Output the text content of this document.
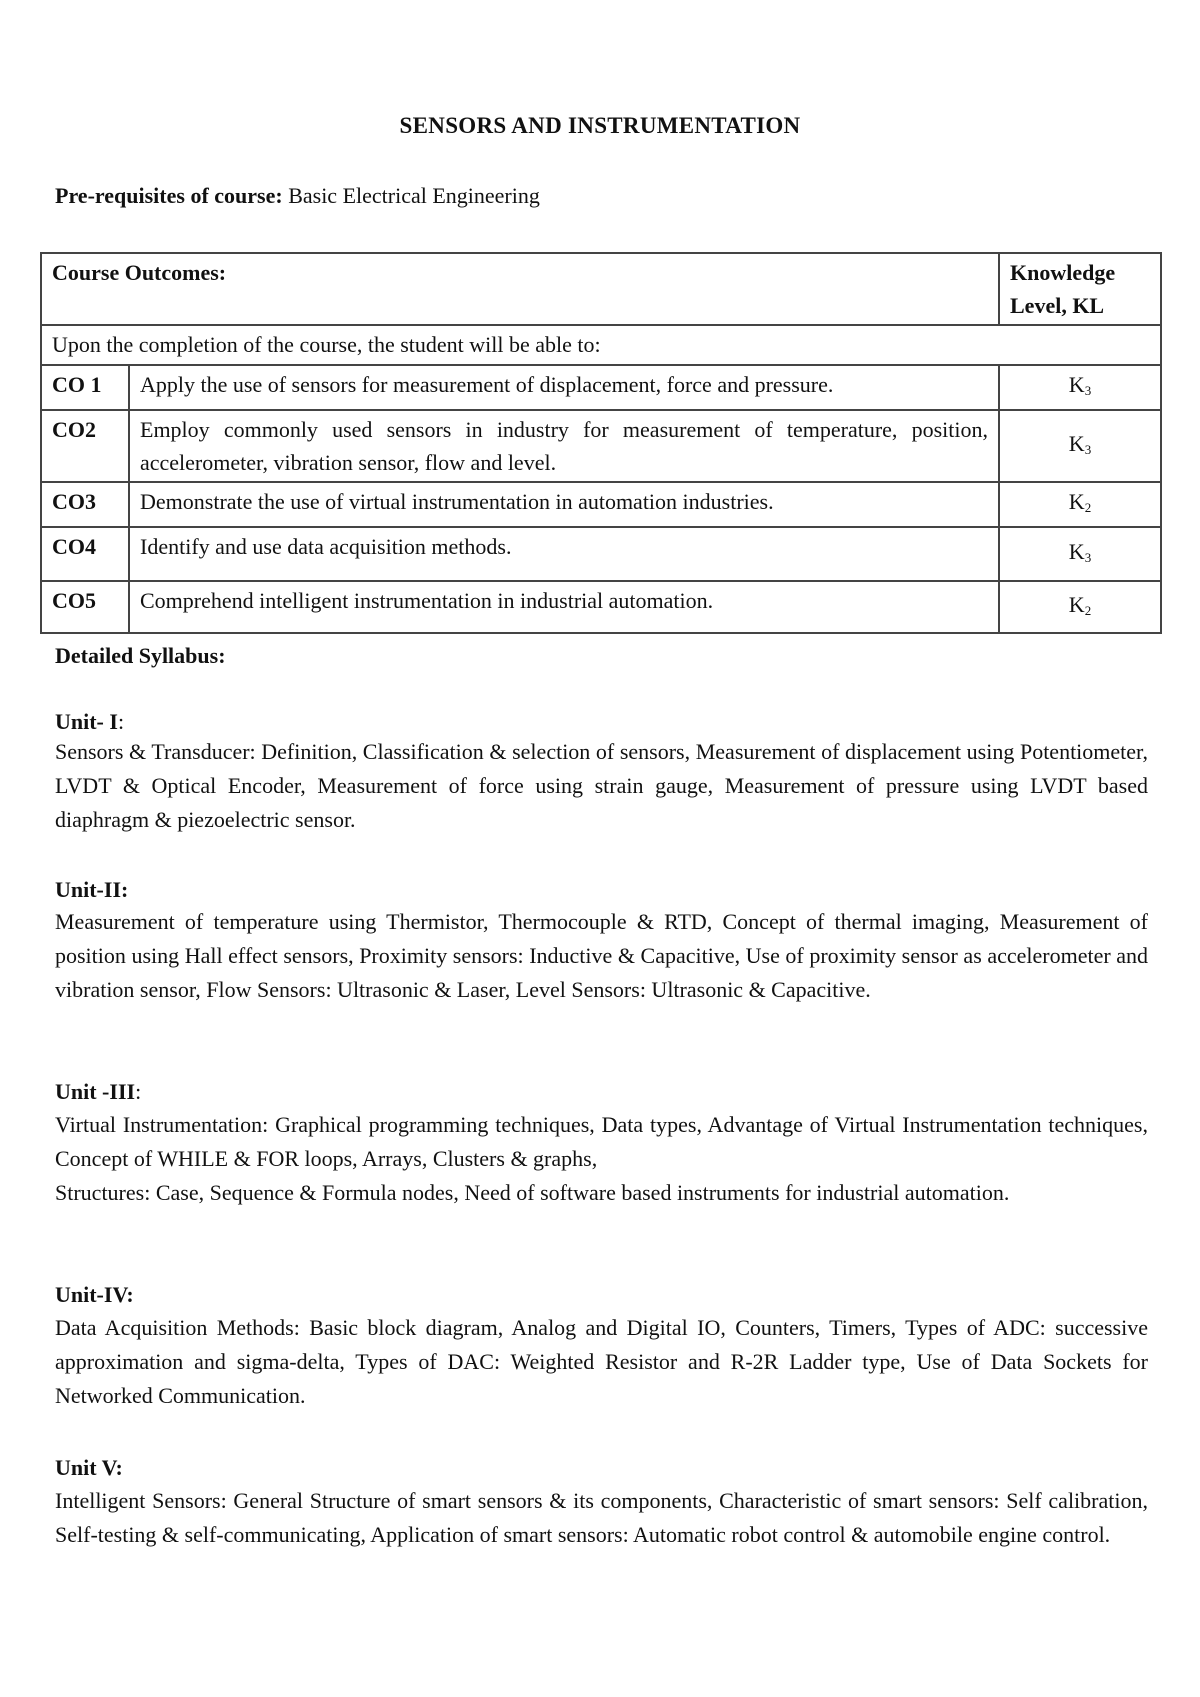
SENSORS AND INSTRUMENTATION
Pre-requisites of course: Basic Electrical Engineering
Course Outcomes:		Knowledge
Level, KL
Upon the completion of the course, the student will be able to:		
CO 1	Apply the use of sensors for measurement of displacement, force and pressure.	$K_3$
CO2	Employ commonly used sensors in industry for measurement of temperature, position, accelerometer, vibration sensor, flow and level.	$K_3$
CO3	Demonstrate the use of virtual instrumentation in automation industries.	$K_2$
CO4	Identify and use data acquisition methods.	$K_3$
CO5	Comprehend intelligent instrumentation in industrial automation.	$K_2$
Detailed Syllabus:
Unit- I:

Sensors & Transducer: Definition, Classification & selection of sensors, Measurement of displacement using Potentiometer, LVDT & Optical Encoder, Measurement of force using strain gauge, Measurement of pressure using LVDT based diaphragm & piezoelectric sensor.

Unit-II:

Measurement of temperature using Thermistor, Thermocouple & RTD, Concept of thermal imaging, Measurement of position using Hall effect sensors, Proximity sensors: Inductive & Capacitive, Use of proximity sensor as accelerometer and vibration sensor, Flow Sensors: Ultrasonic & Laser, Level Sensors: Ultrasonic & Capacitive.

Unit -III:

Virtual Instrumentation: Graphical programming techniques, Data types, Advantage of Virtual Instrumentation techniques, Concept of WHILE & FOR loops, Arrays, Clusters & graphs,

Structures: Case, Sequence & Formula nodes, Need of software based instruments for industrial automation.

Unit-IV:

Data Acquisition Methods: Basic block diagram, Analog and Digital IO, Counters, Timers, Types of ADC: successive approximation and sigma-delta, Types of DAC: Weighted Resistor and R-2R Ladder type, Use of Data Sockets for Networked Communication.

Unit V:

Intelligent Sensors: General Structure of smart sensors & its components, Characteristic of smart sensors: Self calibration, Self-testing & self-communicating, Application of smart sensors: Automatic robot control & automobile engine control.
